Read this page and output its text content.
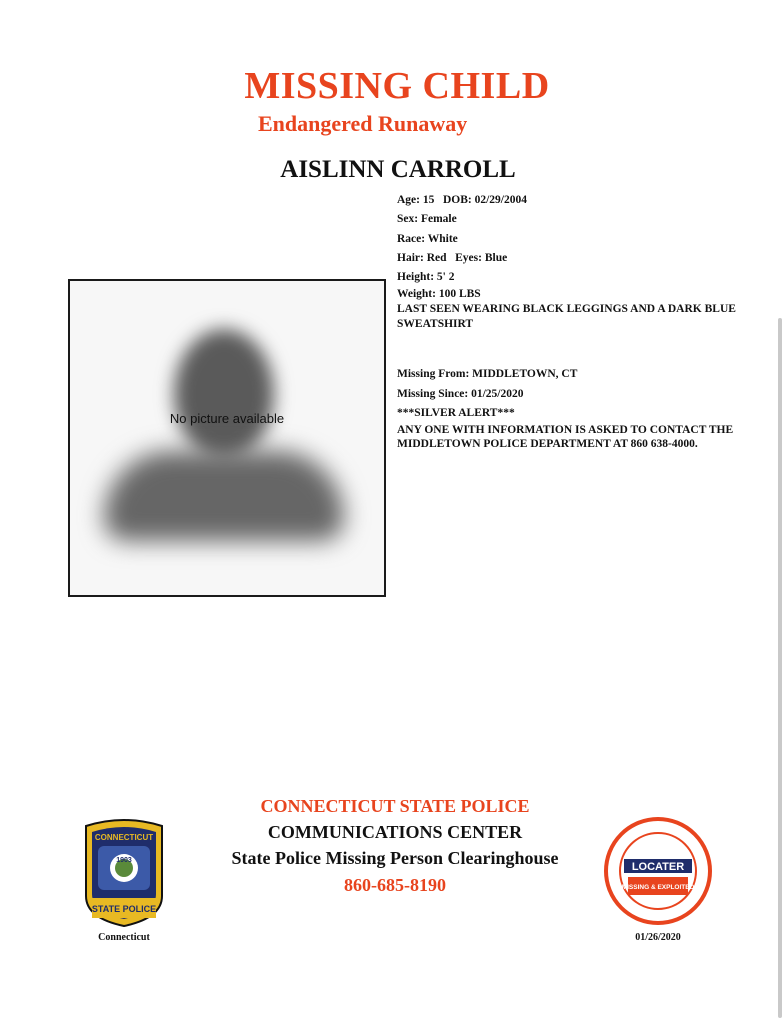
MISSING CHILD
Endangered Runaway
AISLINN CARROLL
Age: 15   DOB: 02/29/2004
Sex: Female
Race: White
Hair: Red   Eyes: Blue
Height: 5' 2
Weight: 100 LBS
LAST SEEN WEARING BLACK LEGGINGS AND A DARK BLUE SWEATSHIRT
Missing From: MIDDLETOWN, CT
Missing Since: 01/25/2020
***SILVER ALERT***
ANY ONE WITH INFORMATION IS ASKED TO CONTACT THE MIDDLETOWN POLICE DEPARTMENT AT 860 638-4000.
No picture available
CONNECTICUT
1903
STATE POLICE
Connecticut
CONNECTICUT STATE POLICE
COMMUNICATIONS CENTER
State Police Missing Person Clearinghouse
860-685-8190
LOCATER
MISSING & EXPLOITED
01/26/2020
